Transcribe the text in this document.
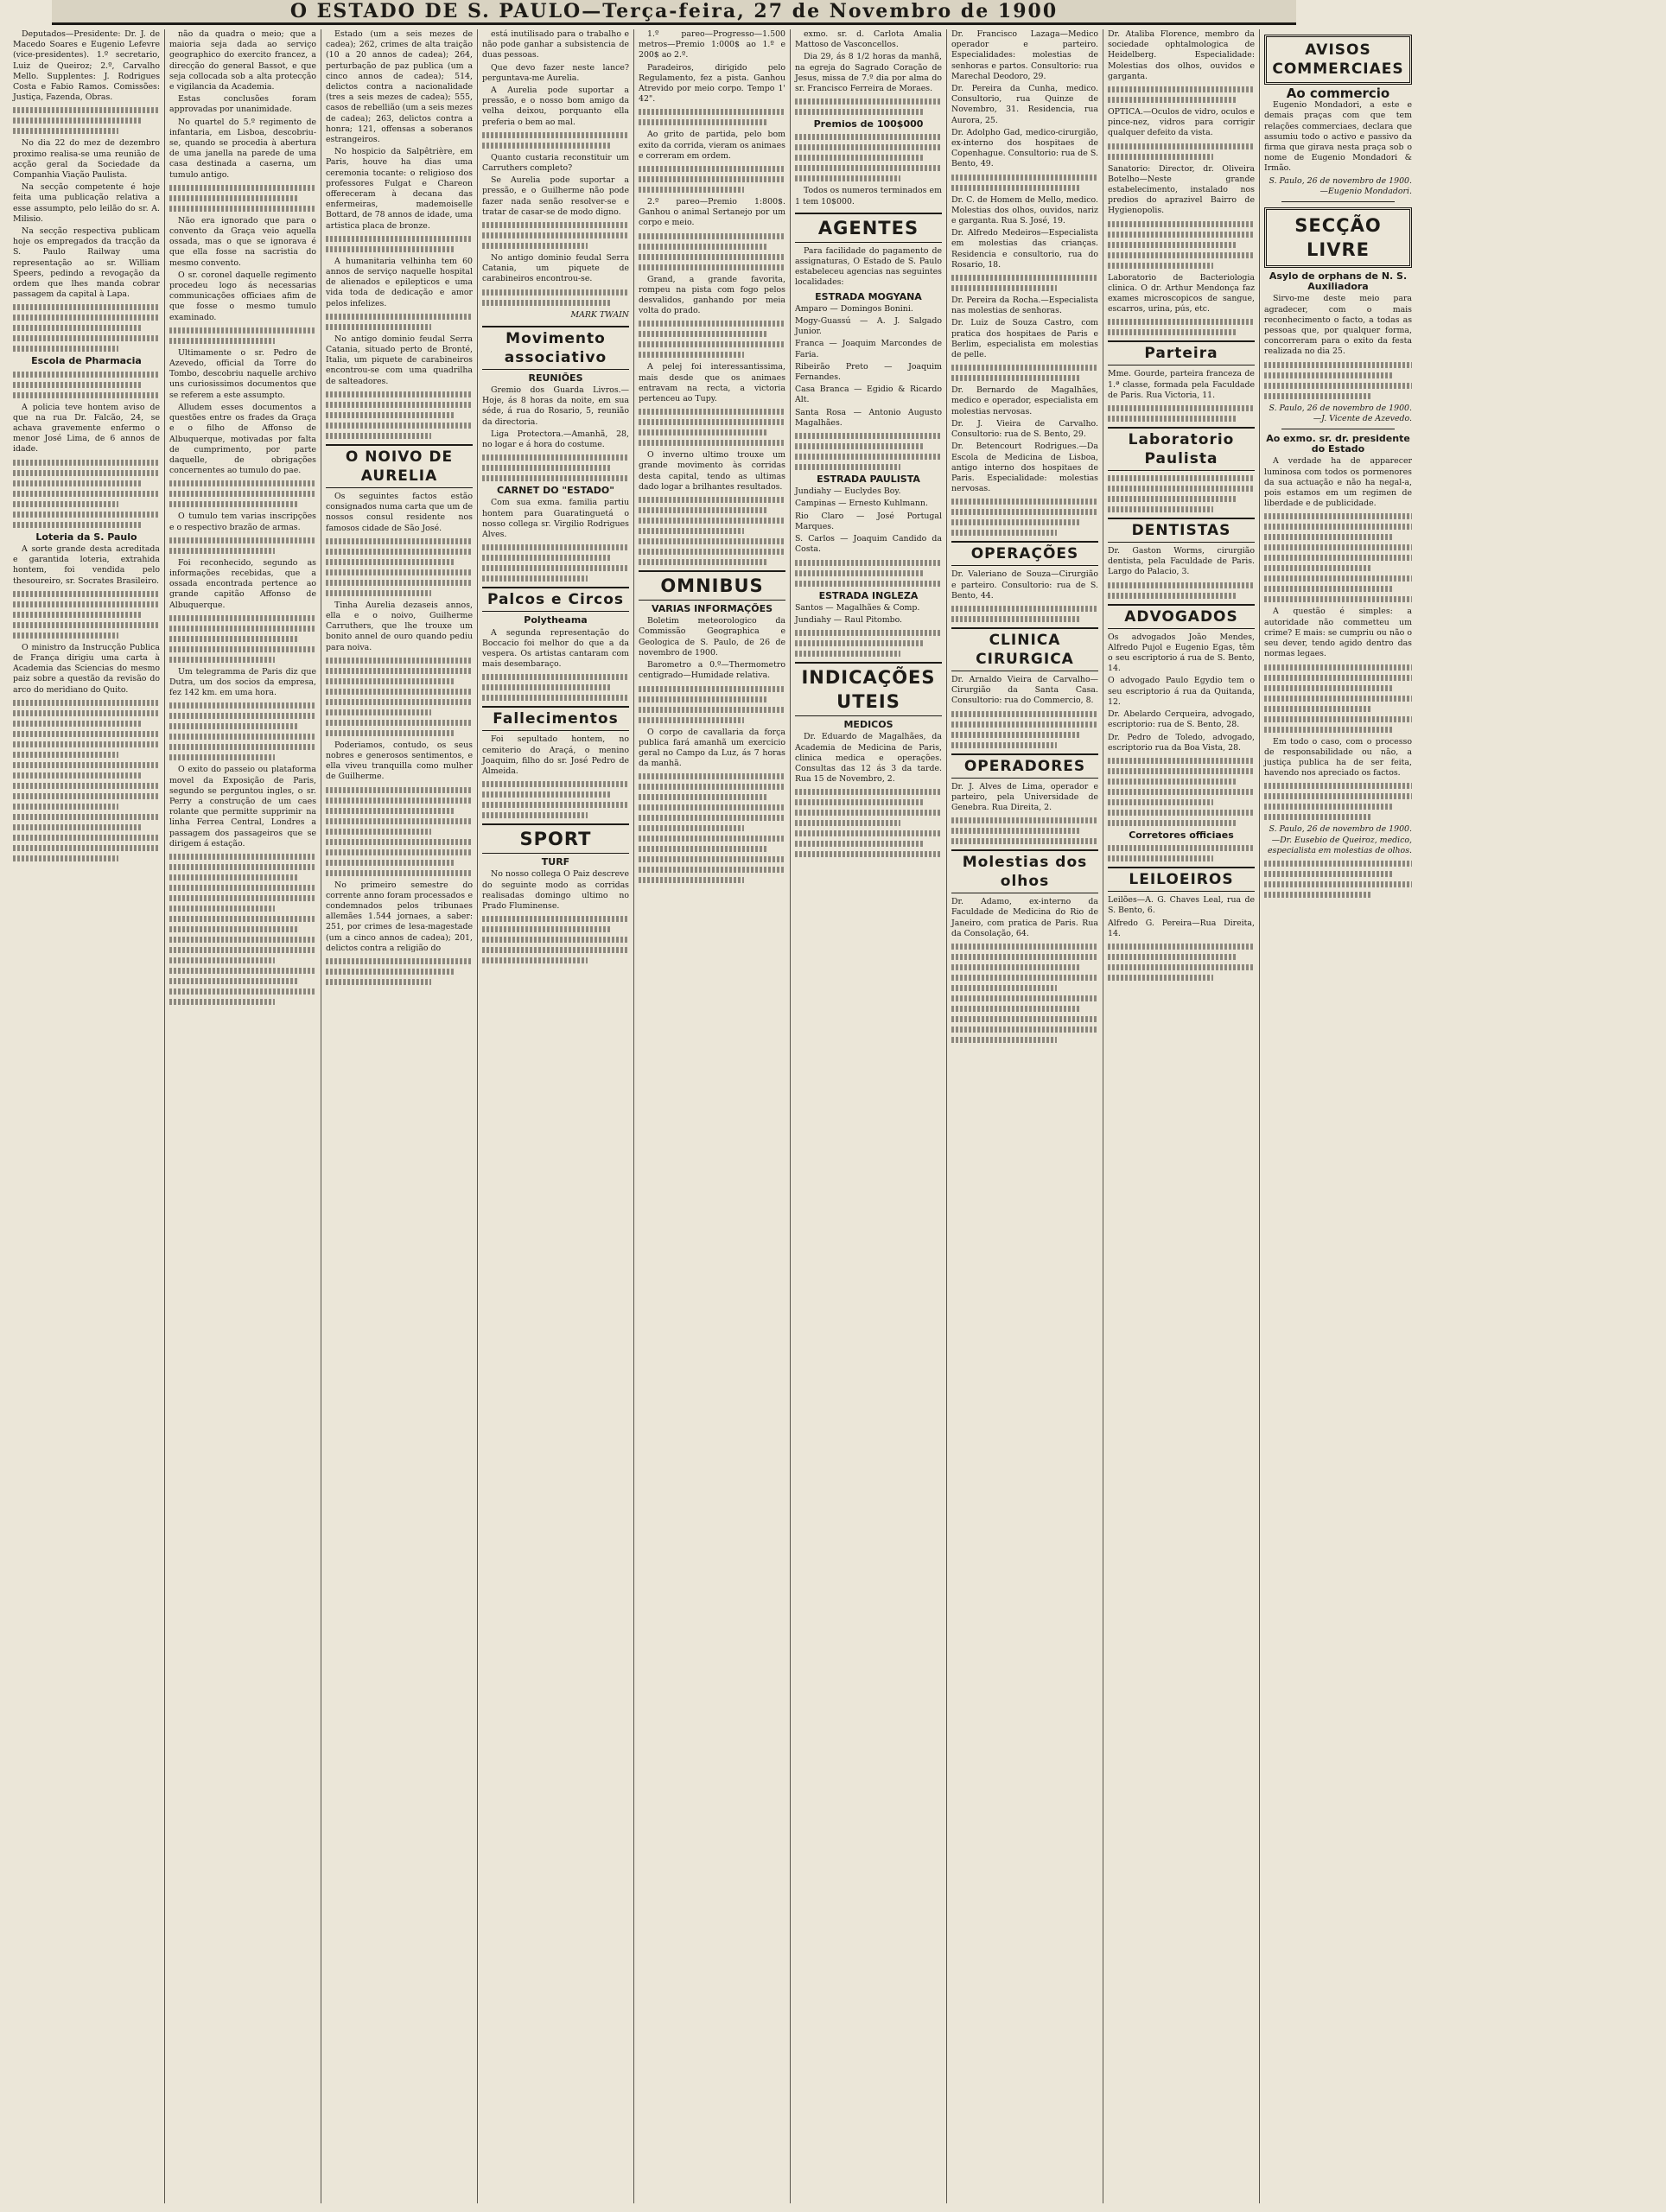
O ESTADO DE S. PAULO—Terça-feira, 27 de Novembro de 1900

Deputados—Presidente: Dr. J. de Macedo Soares e Eugenio Lefevre (vice-presidentes). 1.º secretario, Luiz de Queiroz; 2.º, Carvalho Mello. Supplentes: J. Rodrigues Costa e Fabio Ramos. Comissões: Justiça, Fazenda, Obras.

No dia 22 do mez de dezembro proximo realisa-se uma reunião de acção geral da Sociedade da Companhia Viação Paulista.

Na secção competente é hoje feita uma publicação relativa a esse assumpto, pelo leilão do sr. A. Milisio.

Na secção respectiva publicam hoje os empregados da tracção da S. Paulo Railway uma representação ao sr. William Speers, pedindo a revogação da ordem que lhes manda cobrar passagem da capital à Lapa.

Escola de Pharmacia

A policia teve hontem aviso de que na rua Dr. Falcão, 24, se achava gravemente enfermo o menor José Lima, de 6 annos de idade.

Loteria da S. Paulo

A sorte grande desta acreditada e garantida loteria, extrahida hontem, foi vendida pelo thesoureiro, sr. Socrates Brasileiro.

O ministro da Instrucção Publica de França dirigiu uma carta à Academia das Sciencias do mesmo paiz sobre a questão da revisão do arco do meridiano do Quito.

não da quadra o meio; que a maioria seja dada ao serviço geographico do exercito francez, a direcção do general Bassot, e que seja collocada sob a alta protecção e vigilancia da Academia.

Estas conclusões foram approvadas por unanimidade.

No quartel do 5.º regimento de infantaria, em Lisboa, descobriu-se, quando se procedia à abertura de uma janella na parede de uma casa destinada a caserna, um tumulo antigo.

Não era ignorado que para o convento da Graça veio aquella ossada, mas o que se ignorava é que ella fosse na sacristia do mesmo convento.

O sr. coronel daquelle regimento procedeu logo ás necessarias communicações officiaes afim de que fosse o mesmo tumulo examinado.

Ultimamente o sr. Pedro de Azevedo, official da Torre do Tombo, descobriu naquelle archivo uns curiosissimos documentos que se referem a este assumpto.

Alludem esses documentos a questões entre os frades da Graça e o filho de Affonso de Albuquerque, motivadas por falta de cumprimento, por parte daquelle, de obrigações concernentes ao tumulo do pae.

O tumulo tem varias inscripções e o respectivo brazão de armas.

Foi reconhecido, segundo as informações recebidas, que a ossada encontrada pertence ao grande capitão Affonso de Albuquerque.

Um telegramma de Paris diz que Dutra, um dos socios da empresa, fez 142 km. em uma hora.

O exito do passeio ou plataforma movel da Exposição de Paris, segundo se perguntou ingles, o sr. Perry a construção de um caes rolante que permitte supprimir na linha Ferrea Central, Londres a passagem dos passageiros que se dirigem á estação.

Estado (um a seis mezes de cadea); 262, crimes de alta traição (10 a 20 annos de cadea); 264, perturbação de paz publica (um a cinco annos de cadea); 514, delictos contra a nacionalidade (tres a seis mezes de cadea); 555, casos de rebellião (um a seis mezes de cadea); 263, delictos contra a honra; 121, offensas a soberanos estrangeiros.

No hospicio da Salpêtrière, em Paris, houve ha dias uma ceremonia tocante: o religioso dos professores Fulgat e Chareon offereceram à decana das enfermeiras, mademoiselle Bottard, de 78 annos de idade, uma artistica placa de bronze.

A humanitaria velhinha tem 60 annos de serviço naquelle hospital de alienados e epilepticos e uma vida toda de dedicação e amor pelos infelizes.

No antigo dominio feudal Serra Catania, situado perto de Bronté, Italia, um piquete de carabineiros encontrou-se com uma quadrilha de salteadores.

O NOIVO DE AURELIA

Os seguintes factos estão consignados numa carta que um de nossos consul residente nos famosos cidade de São José.

Tinha Aurelia dezaseis annos, ella e o noivo, Guilherme Carruthers, que lhe trouxe um bonito annel de ouro quando pediu para noiva.

Poderiamos, contudo, os seus nobres e generosos sentimentos, e ella viveu tranquilla como mulher de Guilherme.

No primeiro semestre do corrente anno foram processados e condemnados pelos tribunaes allemães 1.544 jornaes, a saber: 251, por crimes de lesa-magestade (um a cinco annos de cadea); 201, delictos contra a religião do

está inutilisado para o trabalho e não pode ganhar a subsistencia de duas pessoas.

Que devo fazer neste lance? perguntava-me Aurelia.

A Aurelia pode suportar a pressão, e o nosso bom amigo da velha deixou, porquanto ella preferia o bem ao mal.

Quanto custaria reconstituir um Carruthers completo?

Se Aurelia pode suportar a pressão, e o Guilherme não pode fazer nada senão resolver-se e tratar de casar-se de modo digno.

No antigo dominio feudal Serra Catania, um piquete de carabineiros encontrou-se.

MARK TWAIN
Movimento associativo
REUNIÕES

Gremio dos Guarda Livros.—Hoje, ás 8 horas da noite, em sua séde, á rua do Rosario, 5, reunião da directoria.

Liga Protectora.—Amanhã, 28, no logar e á hora do costume.

CARNET DO "ESTADO"

Com sua exma. familia partiu hontem para Guaratinguetá o nosso collega sr. Virgilio Rodrigues Alves.

Palcos e Circos
Polytheama

A segunda representação do Boccacio foi melhor do que a da vespera. Os artistas cantaram com mais desembaraço.

Fallecimentos

Foi sepultado hontem, no cemiterio do Araçá, o menino Joaquim, filho do sr. José Pedro de Almeida.

SPORT
TURF

No nosso collega O Paiz descreve do seguinte modo as corridas realisadas domingo ultimo no Prado Fluminense.

1.º pareo—Progresso—1.500 metros—Premio 1:000$ ao 1.º e 200$ ao 2.º.

Paradeiros, dirigido pelo Regulamento, fez a pista. Ganhou Atrevido por meio corpo. Tempo 1' 42".

Ao grito de partida, pelo bom exito da corrida, vieram os animaes e correram em ordem.

2.º pareo—Premio 1:800$. Ganhou o animal Sertanejo por um corpo e meio.

Grand, a grande favorita, rompeu na pista com fogo pelos desvalidos, ganhando por meia volta do prado.

A pelej foi interessantissima, mais desde que os animaes entravam na recta, a victoria pertenceu ao Tupy.

O inverno ultimo trouxe um grande movimento às corridas desta capital, tendo as ultimas dado logar a brilhantes resultados.

OMNIBUS
VARIAS INFORMAÇÕES

Boletim meteorologico da Commissão Geographica e Geologica de S. Paulo, de 26 de novembro de 1900.

Barometro a 0.º—Thermometro centigrado—Humidade relativa.

O corpo de cavallaria da força publica fará amanhã um exercicio geral no Campo da Luz, ás 7 horas da manhã.

exmo. sr. d. Carlota Amalia Mattoso de Vasconcellos.

Dia 29, ás 8 1/2 horas da manhã, na egreja do Sagrado Coração de Jesus, missa de 7.º dia por alma do sr. Francisco Ferreira de Moraes.

Premios de 100$000

Todos os numeros terminados em 1 tem 10$000.

AGENTES

Para facilidade do pagamento de assignaturas, O Estado de S. Paulo estabeleceu agencias nas seguintes localidades:

ESTRADA MOGYANA

Amparo — Domingos Bonini.

Mogy-Guassú — A. J. Salgado Junior.

Franca — Joaquim Marcondes de Faria.

Ribeirão Preto — Joaquim Fernandes.

Casa Branca — Egidio & Ricardo Alt.

Santa Rosa — Antonio Augusto Magalhães.

ESTRADA PAULISTA

Jundiahy — Euclydes Boy.

Campinas — Ernesto Kuhlmann.

Rio Claro — José Portugal Marques.

S. Carlos — Joaquim Candido da Costa.

ESTRADA INGLEZA

Santos — Magalhães & Comp.

Jundiahy — Raul Pitombo.

INDICAÇÕES UTEIS
MEDICOS

Dr. Eduardo de Magalhães, da Academia de Medicina de Paris, clinica medica e operações. Consultas das 12 ás 3 da tarde. Rua 15 de Novembro, 2.

Dr. Francisco Lazaga—Medico operador e parteiro. Especialidades: molestias de senhoras e partos. Consultorio: rua Marechal Deodoro, 29.

Dr. Pereira da Cunha, medico. Consultorio, rua Quinze de Novembro, 31. Residencia, rua Aurora, 25.

Dr. Adolpho Gad, medico-cirurgião, ex-interno dos hospitaes de Copenhague. Consultorio: rua de S. Bento, 49.

Dr. C. de Homem de Mello, medico. Molestias dos olhos, ouvidos, nariz e garganta. Rua S. José, 19.

Dr. Alfredo Medeiros—Especialista em molestias das crianças. Residencia e consultorio, rua do Rosario, 18.

Dr. Pereira da Rocha.—Especialista nas molestias de senhoras.

Dr. Luiz de Souza Castro, com pratica dos hospitaes de Paris e Berlim, especialista em molestias de pelle.

Dr. Bernardo de Magalhães, medico e operador, especialista em molestias nervosas.

Dr. J. Vieira de Carvalho. Consultorio: rua de S. Bento, 29.

Dr. Betencourt Rodrigues.—Da Escola de Medicina de Lisboa, antigo interno dos hospitaes de Paris. Especialidade: molestias nervosas.

OPERAÇÕES

Dr. Valeriano de Souza—Cirurgião e parteiro. Consultorio: rua de S. Bento, 44.

CLINICA CIRURGICA

Dr. Arnaldo Vieira de Carvalho—Cirurgião da Santa Casa. Consultorio: rua do Commercio, 8.

OPERADORES

Dr. J. Alves de Lima, operador e parteiro, pela Universidade de Genebra. Rua Direita, 2.

Molestias dos olhos

Dr. Adamo, ex-interno da Faculdade de Medicina do Rio de Janeiro, com pratica de Paris. Rua da Consolação, 64.

Dr. Ataliba Florence, membro da sociedade ophtalmologica de Heidelberg. Especialidade: Molestias dos olhos, ouvidos e garganta.

OPTICA.—Oculos de vidro, oculos e pince-nez, vidros para corrigir qualquer defeito da vista.

Sanatorio: Director, dr. Oliveira Botelho—Neste grande estabelecimento, instalado nos predios do aprazivel Bairro de Hygienopolis.

Laboratorio de Bacteriologia clinica. O dr. Arthur Mendonça faz exames microscopicos de sangue, escarros, urina, pús, etc.

Parteira

Mme. Gourde, parteira franceza de 1.ª classe, formada pela Faculdade de Paris. Rua Victoria, 11.

Laboratorio Paulista
DENTISTAS

Dr. Gaston Worms, cirurgião dentista, pela Faculdade de Paris. Largo do Palacio, 3.

ADVOGADOS

Os advogados João Mendes, Alfredo Pujol e Eugenio Egas, têm o seu escriptorio á rua de S. Bento, 14.

O advogado Paulo Egydio tem o seu escriptorio á rua da Quitanda, 12.

Dr. Abelardo Cerqueira, advogado, escriptorio: rua de S. Bento, 28.

Dr. Pedro de Toledo, advogado, escriptorio rua da Boa Vista, 28.

Corretores officiaes
LEILOEIROS

Leilões—A. G. Chaves Leal, rua de S. Bento, 6.

Alfredo G. Pereira—Rua Direita, 14.

AVISOS COMMERCIAES
Ao commercio

Eugenio Mondadori, a este e demais praças com que tem relações commerciaes, declara que assumiu todo o activo e passivo da firma que girava nesta praça sob o nome de Eugenio Mondadori & Irmão.

S. Paulo, 26 de novembro de 1900.—Eugenio Mondadori.
SECÇÃO LIVRE
Asylo de orphans de N. S. Auxiliadora

Sirvo-me deste meio para agradecer, com o mais reconhecimento o facto, a todas as pessoas que, por qualquer forma, concorreram para o exito da festa realizada no dia 25.

S. Paulo, 26 de novembro de 1900.—J. Vicente de Azevedo.
Ao exmo. sr. dr. presidente do Estado

A verdade ha de apparecer luminosa com todos os pormenores da sua actuação e não ha negal-a, pois estamos em um regimen de liberdade e de publicidade.

A questão é simples: a autoridade não commetteu um crime? E mais: se cumpriu ou não o seu dever, tendo agido dentro das normas legaes.

Em todo o caso, com o processo de responsabilidade ou não, a justiça publica ha de ser feita, havendo nos apreciado os factos.

S. Paulo, 26 de novembro de 1900.—Dr. Eusebio de Queiroz, medico, especialista em molestias de olhos.
